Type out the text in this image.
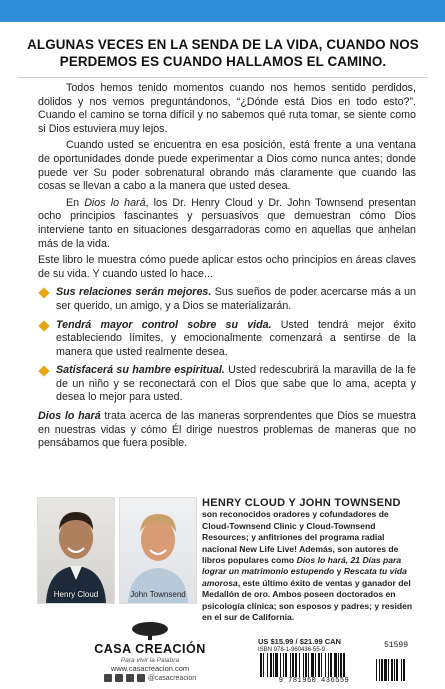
ALGUNAS VECES EN LA SENDA DE LA VIDA, CUANDO NOS PERDEMOS ES CUANDO HALLAMOS EL CAMINO.

Todos hemos tenido momentos cuando nos hemos sentido perdidos, dolidos y nos vemos preguntándonos, “¿Dónde está Dios en todo esto?”. Cuando el camino se torna difícil y no sabemos qué ruta tomar, se siente como si Dios estuviera muy lejos.

Cuando usted se encuentra en esa posición, está frente a una ventana de oportunidades donde puede experimentar a Dios como nunca antes; donde puede ver Su poder sobrenatural obrando más claramente que cuando las cosas se llevan a cabo a la manera que usted desea.

En Dios lo hará, los Dr. Henry Cloud y Dr. John Townsend presentan ocho principios fascinantes y persuasivos que demuestran cómo Dios interviene tanto en situaciones desgarradoras como en aquellas que anhelan más de la vida.

Este libro le muestra cómo puede aplicar estos ocho principios en áreas claves de su vida. Y cuando usted lo hace...

Sus relaciones serán mejores. Sus sueños de poder acercarse más a un ser querido, un amigo, y a Dios se materializarán.
Tendrá mayor control sobre su vida. Usted tendrá mejor éxito estableciendo límites, y emocionalmente comenzará a sentirse de la manera que usted realmente desea.
Satisfacerá su hambre espiritual. Usted redescubrirá la maravilla de la fe de un niño y se reconectará con el Dios que sabe que lo ama, acepta y desea lo mejor para usted.

Dios lo hará trata acerca de las maneras sorprendentes que Dios se muestra en nuestras vidas y cómo Él dirige nuestros problemas de maneras que no pensábamos que fuera posible.

Henry Cloud	John Townsend
HENRY CLOUD Y JOHN TOWNSEND son reconocidos oradores y cofundadores de Cloud-Townsend Clinic y Cloud-Townsend Resources; y anfitriones del programa radial nacional New Life Live! Además, son autores de libros populares como Dios lo hará, 21 Días para lograr un matrimonio estupendo y Rescata tu vida amorosa, este último éxito de ventas y ganador del Medallón de oro. Ambos poseen doctorados en psicología clínica; son esposos y padres; y residen en el sur de California.
CASA CREACIÓN
Para vivir la Palabra
www.casacreacion.com
@casacreacion
US $15.99 / $21.99 CAN
ISBN 978-1-960436-55-9	51599
9 781960 436559
